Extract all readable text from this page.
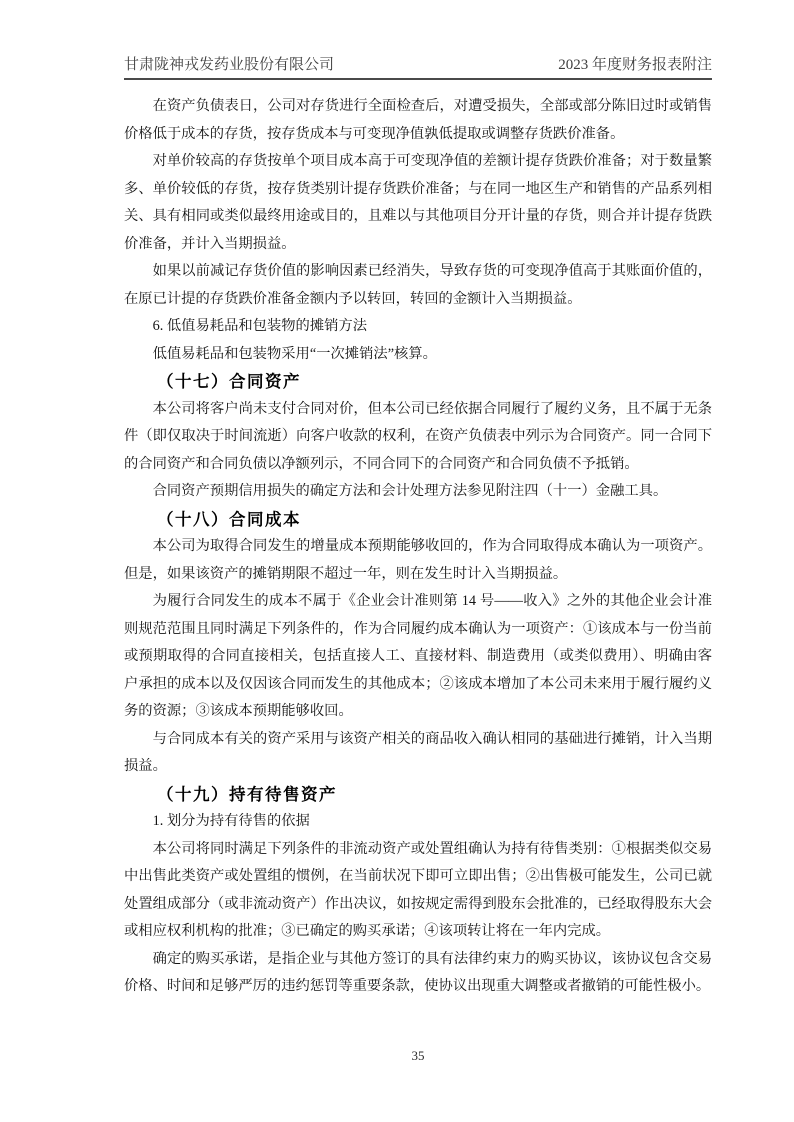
甘肃陇神戎发药业股份有限公司	2023 年度财务报表附注

在资产负债表日，公司对存货进行全面检查后，对遭受损失，全部或部分陈旧过时或销售价格低于成本的存货，按存货成本与可变现净值孰低提取或调整存货跌价准备。

对单价较高的存货按单个项目成本高于可变现净值的差额计提存货跌价准备；对于数量繁多、单价较低的存货，按存货类别计提存货跌价准备；与在同一地区生产和销售的产品系列相关、具有相同或类似最终用途或目的，且难以与其他项目分开计量的存货，则合并计提存货跌价准备，并计入当期损益。

如果以前减记存货价值的影响因素已经消失，导致存货的可变现净值高于其账面价值的，在原已计提的存货跌价准备金额内予以转回，转回的金额计入当期损益。

6. 低值易耗品和包装物的摊销方法

低值易耗品和包装物采用“一次摊销法”核算。

（十七）合同资产

本公司将客户尚未支付合同对价，但本公司已经依据合同履行了履约义务，且不属于无条件（即仅取决于时间流逝）向客户收款的权利，在资产负债表中列示为合同资产。同一合同下的合同资产和合同负债以净额列示，不同合同下的合同资产和合同负债不予抵销。

合同资产预期信用损失的确定方法和会计处理方法参见附注四（十一）金融工具。

（十八）合同成本

本公司为取得合同发生的增量成本预期能够收回的，作为合同取得成本确认为一项资产。但是，如果该资产的摊销期限不超过一年，则在发生时计入当期损益。

为履行合同发生的成本不属于《企业会计准则第 14 号——收入》之外的其他企业会计准则规范范围且同时满足下列条件的，作为合同履约成本确认为一项资产：①该成本与一份当前或预期取得的合同直接相关，包括直接人工、直接材料、制造费用（或类似费用）、明确由客户承担的成本以及仅因该合同而发生的其他成本；②该成本增加了本公司未来用于履行履约义务的资源；③该成本预期能够收回。

与合同成本有关的资产采用与该资产相关的商品收入确认相同的基础进行摊销，计入当期损益。

（十九）持有待售资产

1. 划分为持有待售的依据

本公司将同时满足下列条件的非流动资产或处置组确认为持有待售类别：①根据类似交易中出售此类资产或处置组的惯例，在当前状况下即可立即出售；②出售极可能发生，公司已就处置组成部分（或非流动资产）作出决议，如按规定需得到股东会批准的，已经取得股东大会或相应权利机构的批准；③已确定的购买承诺；④该项转让将在一年内完成。

确定的购买承诺，是指企业与其他方签订的具有法律约束力的购买协议，该协议包含交易价格、时间和足够严厉的违约惩罚等重要条款，使协议出现重大调整或者撤销的可能性极小。

35
